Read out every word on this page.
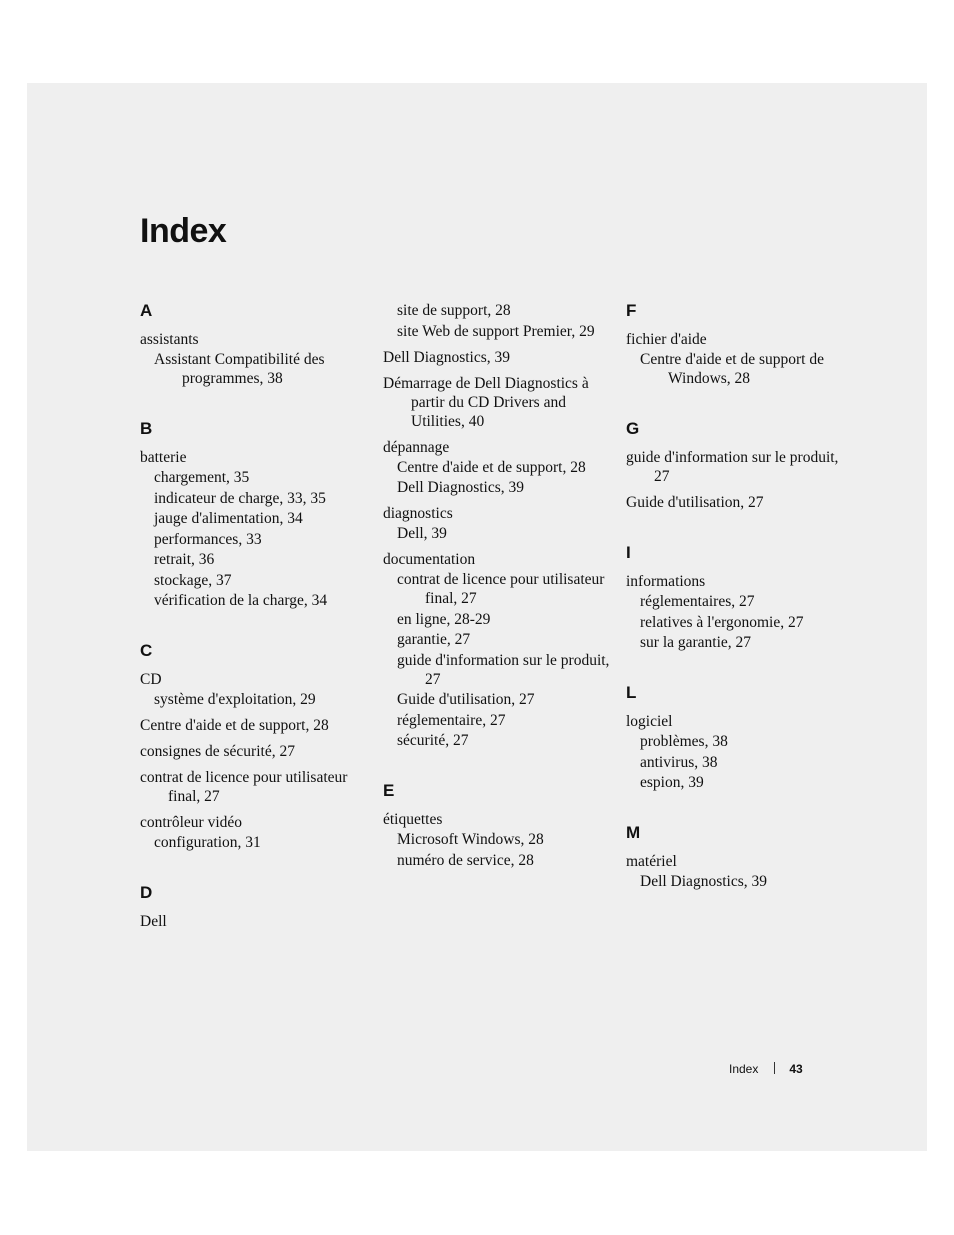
Index
A
assistants
Assistant Compatibilité des programmes, 38
B
batterie
chargement, 35
indicateur de charge, 33, 35
jauge d'alimentation, 34
performances, 33
retrait, 36
stockage, 37
vérification de la charge, 34
C
CD
système d'exploitation, 29
Centre d'aide et de support, 28
consignes de sécurité, 27
contrat de licence pour utilisateur final, 27
contrôleur vidéo
configuration, 31
D
Dell
site de support, 28
site Web de support Premier, 29
Dell Diagnostics, 39
Démarrage de Dell Diagnostics à partir du CD Drivers and Utilities, 40
dépannage
Centre d'aide et de support, 28
Dell Diagnostics, 39
diagnostics
Dell, 39
documentation
contrat de licence pour utilisateur final, 27
en ligne, 28-29
garantie, 27
guide d'information sur le produit, 27
Guide d'utilisation, 27
réglementaire, 27
sécurité, 27
E
étiquettes
Microsoft Windows, 28
numéro de service, 28
F
fichier d'aide
Centre d'aide et de support de Windows, 28
G
guide d'information sur le produit, 27
Guide d'utilisation, 27
I
informations
réglementaires, 27
relatives à l'ergonomie, 27
sur la garantie, 27
L
logiciel
problèmes, 38
antivirus, 38
espion, 39
M
matériel
Dell Diagnostics, 39
Index	43
